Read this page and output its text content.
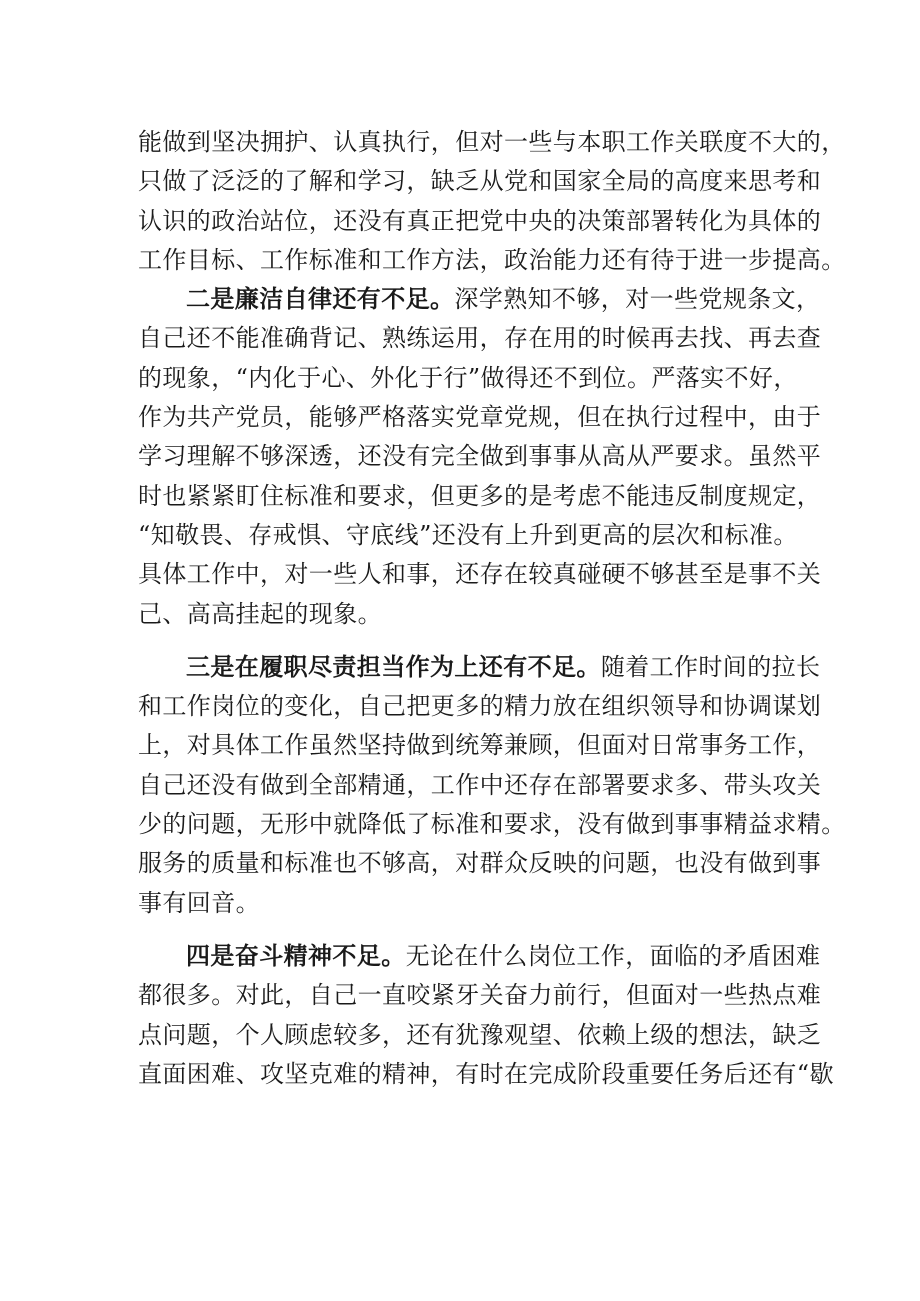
能做到坚决拥护、认真执行，但对一些与本职工作关联度不大的，
只做了泛泛的了解和学习，缺乏从党和国家全局的高度来思考和
认识的政治站位，还没有真正把党中央的决策部署转化为具体的
工作目标、工作标准和工作方法，政治能力还有待于进一步提高。
二是廉洁自律还有不足。深学熟知不够，对一些党规条文，
自己还不能准确背记、熟练运用，存在用的时候再去找、再去查
的现象，“内化于心、外化于行”做得还不到位。严落实不好，
作为共产党员，能够严格落实党章党规，但在执行过程中，由于
学习理解不够深透，还没有完全做到事事从高从严要求。虽然平
时也紧紧盯住标准和要求，但更多的是考虑不能违反制度规定，
“知敬畏、存戒惧、守底线”还没有上升到更高的层次和标准。
具体工作中，对一些人和事，还存在较真碰硬不够甚至是事不关
己、高高挂起的现象。
三是在履职尽责担当作为上还有不足。随着工作时间的拉长
和工作岗位的变化，自己把更多的精力放在组织领导和协调谋划
上，对具体工作虽然坚持做到统筹兼顾，但面对日常事务工作，
自己还没有做到全部精通，工作中还存在部署要求多、带头攻关
少的问题，无形中就降低了标准和要求，没有做到事事精益求精。
服务的质量和标准也不够高，对群众反映的问题，也没有做到事
事有回音。
四是奋斗精神不足。无论在什么岗位工作，面临的矛盾困难
都很多。对此，自己一直咬紧牙关奋力前行，但面对一些热点难
点问题，个人顾虑较多，还有犹豫观望、依赖上级的想法，缺乏
直面困难、攻坚克难的精神，有时在完成阶段重要任务后还有“歇
